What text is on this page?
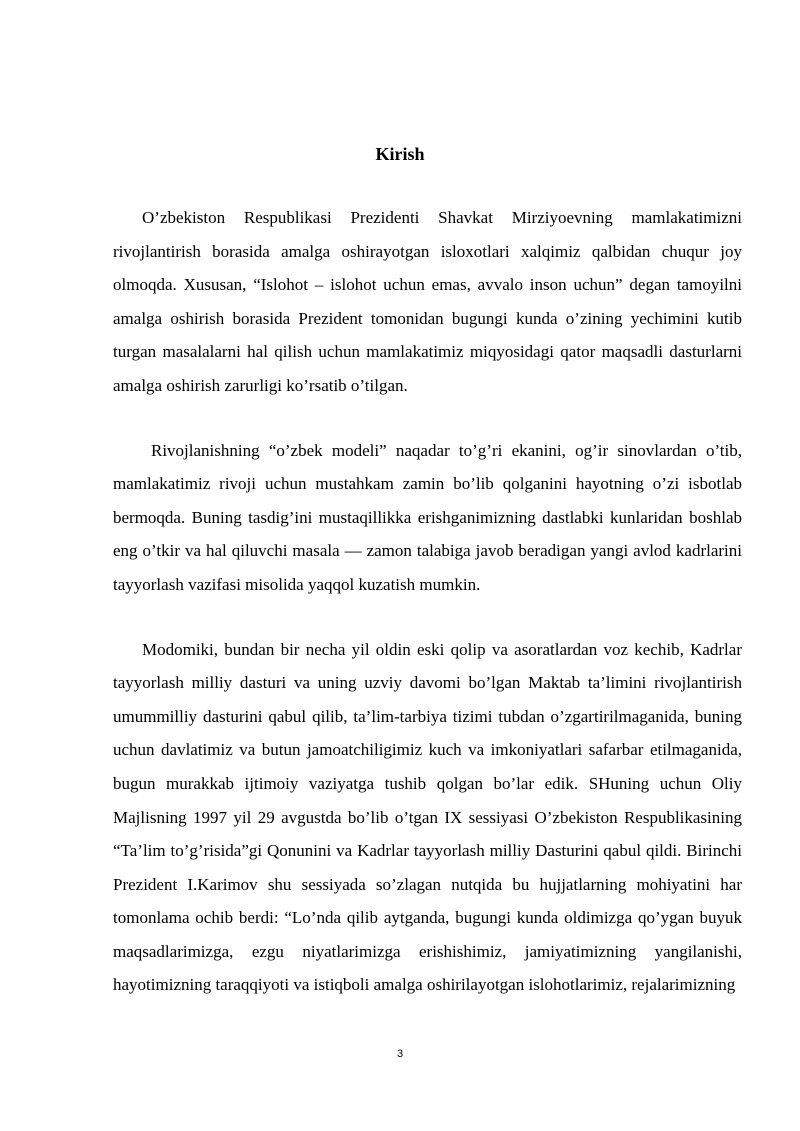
Kirish

O’zbekiston Respublikasi Prezidenti Shavkat Mirziyoevning mamlakatimizni rivojlantirish borasida amalga oshirayotgan isloxotlari xalqimiz qalbidan chuqur joy olmoqda. Xususan, “Islohot – islohot uchun emas, avvalo inson uchun” degan tamoyilni amalga oshirish borasida Prezident tomonidan bugungi kunda o’zining yechimini kutib turgan masalalarni hal qilish uchun mamlakatimiz miqyosidagi qator maqsadli dasturlarni amalga oshirish zarurligi ko’rsatib o’tilgan.

Rivojlanishning “o’zbek modeli” naqadar to’g’ri ekanini, og’ir sinovlardan o’tib, mamlakatimiz rivoji uchun mustahkam zamin bo’lib qolganini hayotning o’zi isbotlab bermoqda. Buning tasdig’ini mustaqillikka erishganimizning dastlabki kunlaridan boshlab eng o’tkir va hal qiluvchi masala — zamon talabiga javob beradigan yangi avlod kadrlarini tayyorlash vazifasi misolida yaqqol kuzatish mumkin.

Modomiki, bundan bir necha yil oldin eski qolip va asoratlardan voz kechib, Kadrlar tayyorlash milliy dasturi va uning uzviy davomi bo’lgan Maktab ta’limini rivojlantirish umummilliy dasturini qabul qilib, ta’lim-tarbiya tizimi tubdan o’zgartirilmaganida, buning uchun davlatimiz va butun jamoatchiligimiz kuch va imkoniyatlari safarbar etilmaganida, bugun murakkab ijtimoiy vaziyatga tushib qolgan bo’lar edik. SHuning uchun Oliy Majlisning 1997 yil 29 avgustda bo’lib o’tgan IX sessiyasi O’zbekiston Respublikasining “Ta’lim to’g’risida”gi Qonunini va Kadrlar tayyorlash milliy Dasturini qabul qildi. Birinchi Prezident I.Karimov shu sessiyada so’zlagan nutqida bu hujjatlarning mohiyatini har tomonlama ochib berdi: “Lo’nda qilib aytganda, bugungi kunda oldimizga qo’ygan buyuk maqsadlarimizga, ezgu niyatlarimizga erishishimiz, jamiyatimizning yangilanishi, hayotimizning taraqqiyoti va istiqboli amalga oshirilayotgan islohotlarimiz, rejalarimizning

3
